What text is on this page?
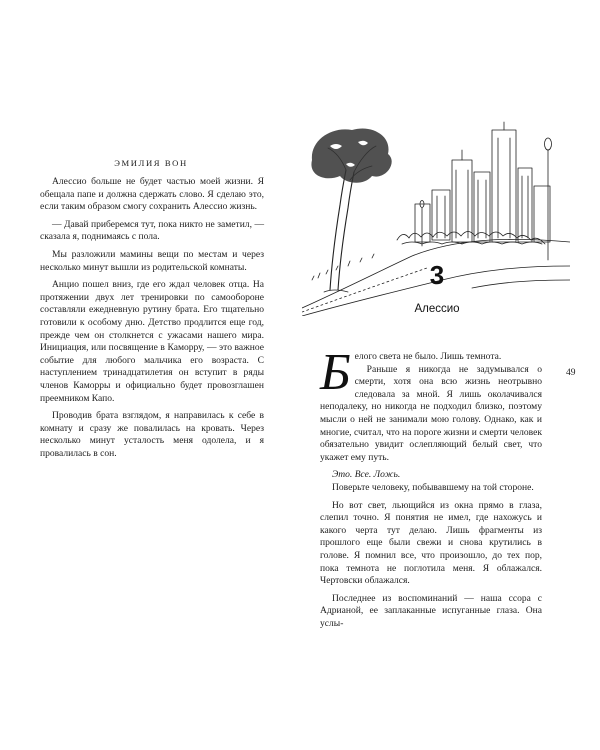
ЭМИЛИЯ ВОН

Алессио больше не будет частью моей жизни. Я обещала папе и должна сдержать слово. Я сделаю это, если таким образом смогу сохранить Алессио жизнь.

— Давай приберемся тут, пока никто не заметил, — сказала я, поднимаясь с пола.

Мы разложили мамины вещи по местам и через несколько минут вышли из родительской комнаты.

Анцио пошел вниз, где его ждал человек отца. На протяжении двух лет тренировки по самообороне составляли ежедневную рутину брата. Его тщательно готовили к особому дню. Детство продлится еще год, прежде чем он столкнется с ужасами нашего мира. Инициация, или посвящение в Каморру, — это важное событие для любого мальчика его возраста. С наступлением тринадцатилетия он вступит в ряды членов Каморры и официально будет провозглашен преемником Капо.

Проводив брата взглядом, я направилась к себе в комнату и сразу же повалилась на кровать. Через несколько минут усталость меня одолела, и я провалилась в сон.

3
Алессио
49
Б елого света не было. Лишь темнота.

Раньше я никогда не задумывался о смерти, хотя она всю жизнь неотрывно следовала за мной. Я лишь околачивался неподалеку, но никогда не подходил близко, поэтому мысли о ней не занимали мою голову. Однако, как и многие, считал, что на пороге жизни и смерти человек обязательно увидит ослепляющий белый свет, что укажет ему путь.

Это. Все. Ложь.

Поверьте человеку, побывавшему на той стороне.

Но вот свет, льющийся из окна прямо в глаза, слепил точно. Я понятия не имел, где нахожусь и какого черта тут делаю. Лишь фрагменты из прошлого еще были свежи и снова крутились в голове. Я помнил все, что произошло, до тех пор, пока темнота не поглотила меня. Я облажался. Чертовски облажался.

Последнее из воспоминаний — наша ссора с Адрианой, ее заплаканные испуганные глаза. Она услы-
